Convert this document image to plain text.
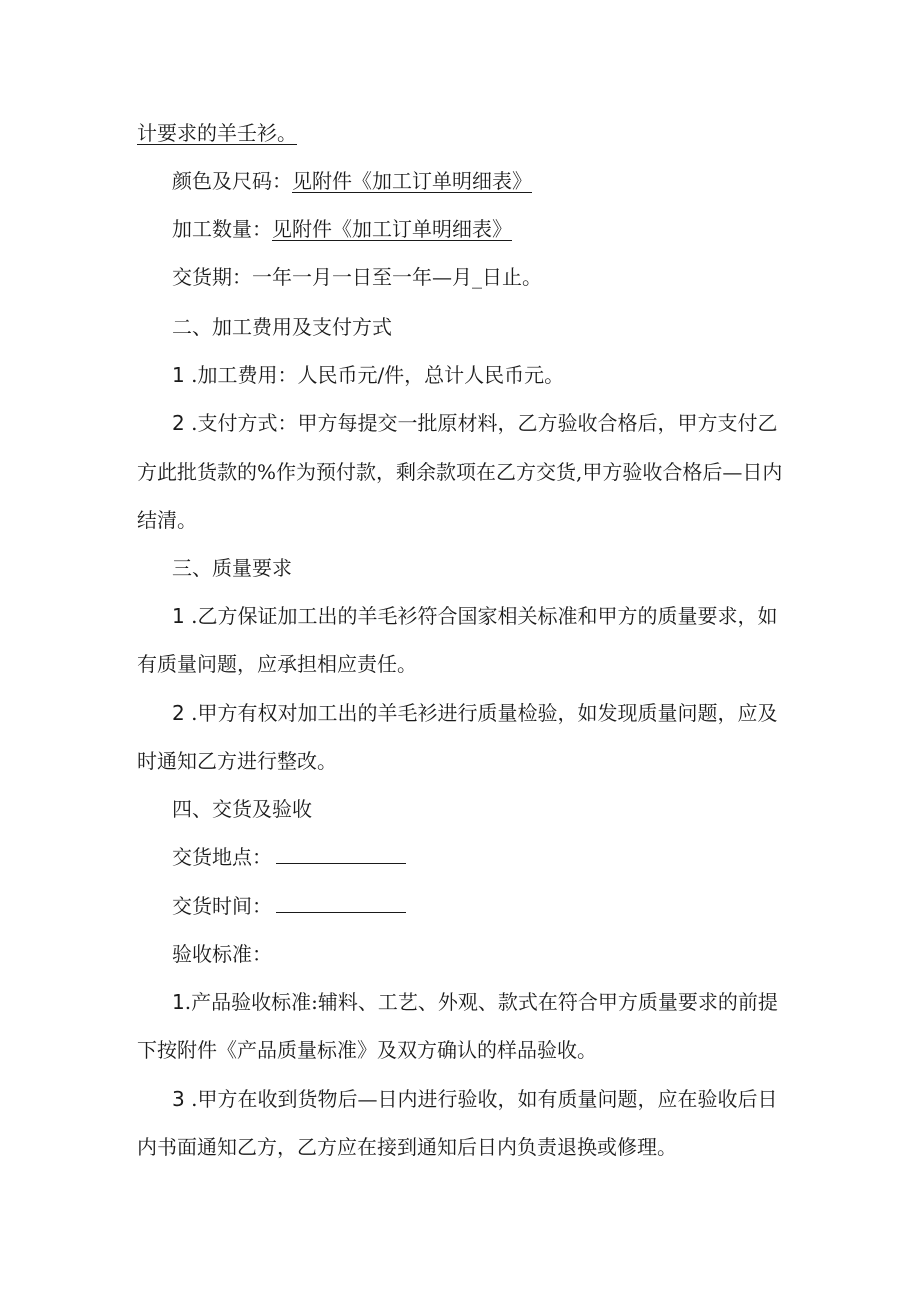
计要求的羊壬衫。
颜色及尺码：见附件《加工订单明细表》
加工数量：见附件《加工订单明细表》
交货期：一年一月一日至一年—月_日止。
二、加工费用及支付方式
1 .加工费用：人民币元/件，总计人民币元。
2 .支付方式：甲方每提交一批原材料，乙方验收合格后，甲方支付乙
方此批货款的%作为预付款，剩余款项在乙方交货,甲方验收合格后—日内
结清。
三、质量要求
1 .乙方保证加工出的羊毛衫符合国家相关标准和甲方的质量要求，如
有质量问题，应承担相应责任。
2 .甲方有权对加工出的羊毛衫进行质量检验，如发现质量问题，应及
时通知乙方进行整改。
四、交货及验收
交货地点：
交货时间：
验收标准：
1.产品验收标准:辅料、工艺、外观、款式在符合甲方质量要求的前提
下按附件《产品质量标准》及双方确认的样品验收。
3 .甲方在收到货物后—日内进行验收，如有质量问题，应在验收后日
内书面通知乙方，乙方应在接到通知后日内负责退换或修理。
